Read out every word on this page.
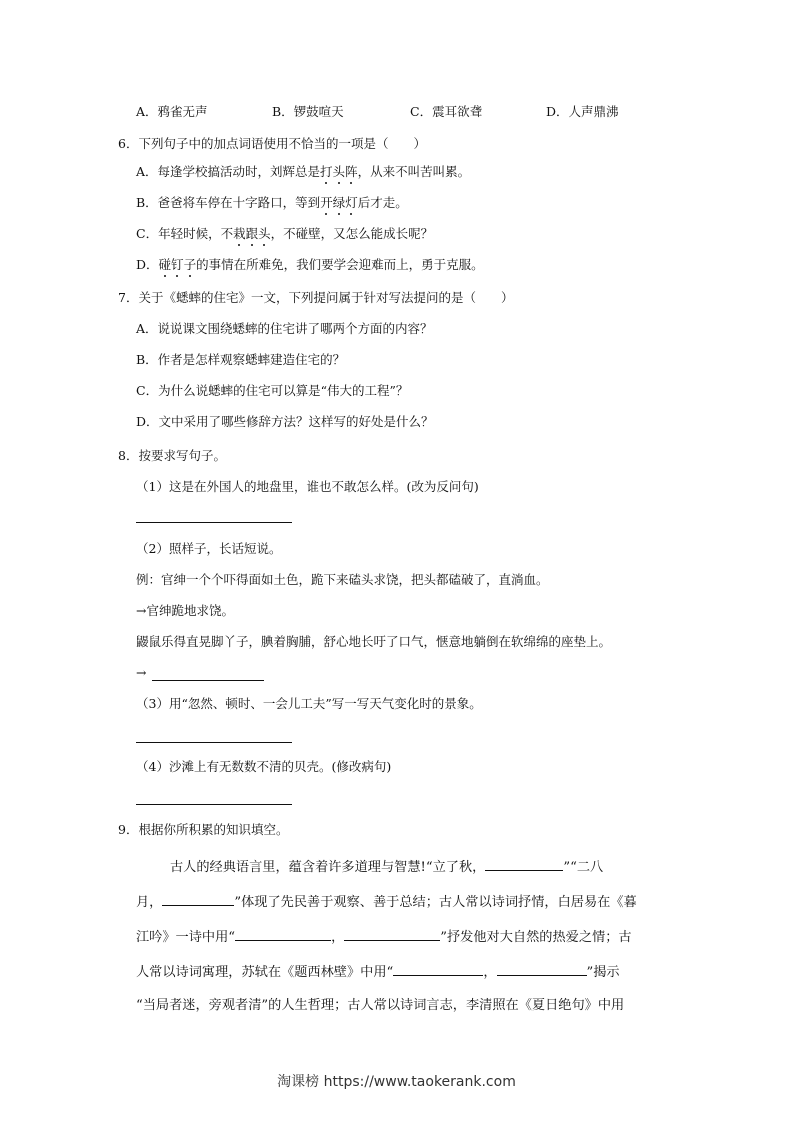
A．鸦雀无声	B．锣鼓喧天	C．震耳欲聋	D．人声鼎沸
6．下列句子中的加点词语使用不恰当的一项是（　　）
A．每逢学校搞活动时，刘辉总是打头阵，从来不叫苦叫累。
B．爸爸将车停在十字路口，等到开绿灯后才走。
C．年轻时候，不栽跟头，不碰壁，又怎么能成长呢？
D．碰钉子的事情在所难免，我们要学会迎难而上，勇于克服。
7．关于《蟋蟀的住宅》一文，下列提问属于针对写法提问的是（　　）
A．说说课文围绕蟋蟀的住宅讲了哪两个方面的内容？
B．作者是怎样观察蟋蟀建造住宅的？
C．为什么说蟋蟀的住宅可以算是“伟大的工程”？
D．文中采用了哪些修辞方法？这样写的好处是什么？
8．按要求写句子。
（1）这是在外国人的地盘里，谁也不敢怎么样。(改为反问句)
（2）照样子，长话短说。
例：官绅一个个吓得面如土色，跪下来磕头求饶，把头都磕破了，直淌血。
→官绅跪地求饶。
鼹鼠乐得直晃脚丫子，腆着胸脯，舒心地长吁了口气，惬意地躺倒在软绵绵的座垫上。
→
（3）用“忽然、顿时、一会儿工夫”写一写天气变化时的景象。
（4）沙滩上有无数数不清的贝壳。(修改病句)
9．根据你所积累的知识填空。
古人的经典语言里，蕴含着许多道理与智慧!“立了秋，	”“二八
月，	”体现了先民善于观察、善于总结；古人常以诗词抒情，白居易在《暮
江吟》一诗中用“	，	”抒发他对大自然的热爱之情；古
人常以诗词寓理，苏轼在《题西林壁》中用“	，	”揭示
“当局者迷，旁观者清”的人生哲理；古人常以诗词言志，李清照在《夏日绝句》中用
淘课榜 https://www.taokerank.com
